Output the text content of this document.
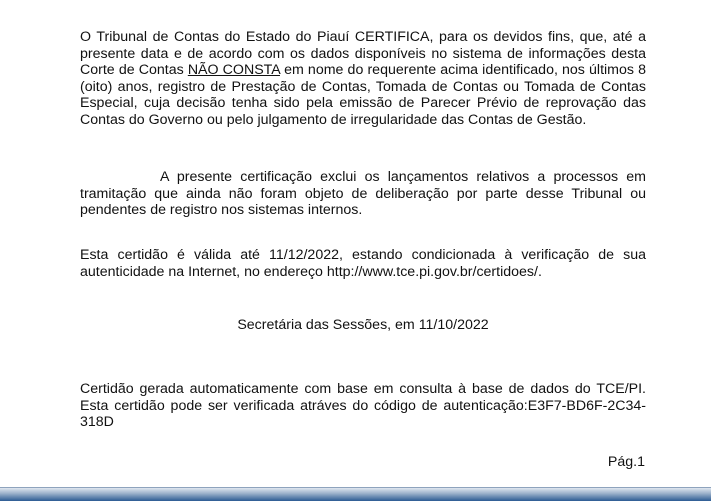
O Tribunal de Contas do Estado do Piauí CERTIFICA, para os devidos fins, que, até a presente data e de acordo com os dados disponíveis no sistema de informações desta Corte de Contas NÃO CONSTA em nome do requerente acima identificado, nos últimos 8 (oito) anos, registro de Prestação de Contas, Tomada de Contas ou Tomada de Contas Especial, cuja decisão tenha sido pela emissão de Parecer Prévio de reprovação das Contas do Governo ou pelo julgamento de irregularidade das Contas de Gestão.
A presente certificação exclui os lançamentos relativos a processos em tramitação que ainda não foram objeto de deliberação por parte desse Tribunal ou pendentes de registro nos sistemas internos.
Esta certidão é válida até 11/12/2022, estando condicionada à verificação de sua autenticidade na Internet, no endereço http://www.tce.pi.gov.br/certidoes/.
Secretária das Sessões, em 11/10/2022
Certidão gerada automaticamente com base em consulta à base de dados do TCE/PI. Esta certidão pode ser verificada atráves do código de autenticação:E3F7-BD6F-2C34-318D
Pág.1
